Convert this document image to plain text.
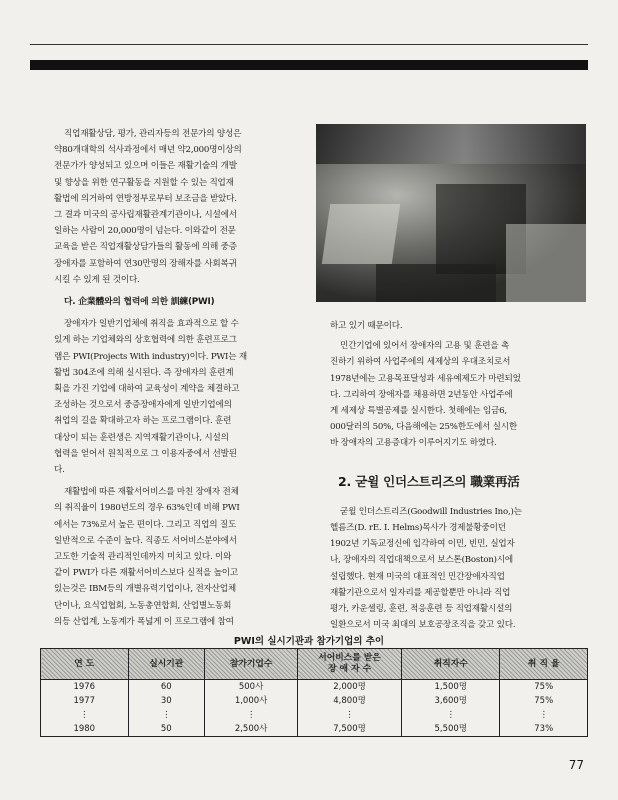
직업재활상담, 평가, 관리자등의 전문가의 양성은

약80개대학의 석사과정에서 매년 약2,000명이상의

전문가가 양성되고 있으며 이들은 재활기술의 개발

및 향상을 위한 연구활동을 지원할 수 있는 직업재

활법에 의거하여 연방정부로부터 보조금을 받았다.

그 결과 미국의 공사립재활관계기관이나, 시설에서

일하는 사람이 20,000명이 넘는다. 이와같이 전문

교육을 받은 직업재활상담가들의 활동에 의해 중증

장애자를 포함하여 연30만명의 장해자를 사회복귀

시킬 수 있게 된 것이다.

다. 企業體와의 협력에 의한 訓練(PWI)

장애자가 일반기업체에 취직을 효과적으로 할 수

있게 하는 기업체와의 상호협력에 의한 훈련프로그

램은 PWI(Projects With industry)이다. PWI는 재

활법 304조에 의해 실시된다. 즉 장애자의 훈련계

획을 가진 기업에 대하여 교육성이 계약을 체결하고

조성하는 것으로서 중증장애자에게 일반기업에의

취업의 길을 확대하고자 하는 프로그램이다. 훈련

대상이 되는 훈련생은 지역재활기관이나, 시설의

협력을 얻어서 원칙적으로 그 이용자중에서 선발된

다.

재활법에 따른 재활서어비스를 마친 장애자 전체

의 취직율이 1980년도의 경우 63%인데 비해 PWI

에서는 73%로서 높은 편이다. 그리고 직업의 질도

일반적으로 수준이 높다. 직종도 서어비스분야에서

고도한 기술적 관리적인데까지 미치고 있다. 이와

같이 PWI가 다른 재활서어비스보다 실적을 높이고

있는것은 IBM등의 개별유력기업이나, 전자산업체

단이나, 요식업협회, 노동총연합회, 산업별노동회

의등 산업계, 노동계가 폭넓게 이 프로그램에 참여

하고 있기 때문이다.

민간기업에 있어서 장애자의 고용 및 훈련을 촉

진하기 위하여 사업주에의 세제상의 우대조치로서

1978년에는 고용목표달성과 세유예제도가 마련되었

다. 그리하여 장애자를 채용하면 2년동안 사업주에

게 세제상 특별공제를 실시한다. 첫해에는 임금6,

000달러의 50%, 다음해에는 25%한도에서 실시한

바 장애자의 고용증대가 이루어지기도 하였다.

2. 굳윌 인더스트리즈의 職業再活

굳윌 인더스트리즈(Goodwill Industries Ino,)는

헬름즈(D. rE. I. Helms)목사가 경제불황중이던

1902년 기독교정신에 입각하여 이민, 빈민, 실업자

나, 장애자의 직업대책으로서 보스톤(Boston)시에

설립했다. 현재 미국의 대표적인 민간장애자직업

재활기관으로서 일자리를 제공할뿐만 아니라 직업

평가, 카운셀링, 훈련, 적응훈련 등 직업재활시설의

일환으로서 미국 최대의 보호공장조직을 갖고 있다.

PWI의 실시기관과 참가기업의 추이
연 도	실시기관	참가기업수	서어비스를 받은
장 애 자 수	취직자수	취 직 율
1976	60	500사	2,000명	1,500명	75%
1977	30	1,000사	4,800명	3,600명	75%
⋮	⋮	⋮	⋮	⋮	⋮
1980	50	2,500사	7,500명	5,500명	73%
77
